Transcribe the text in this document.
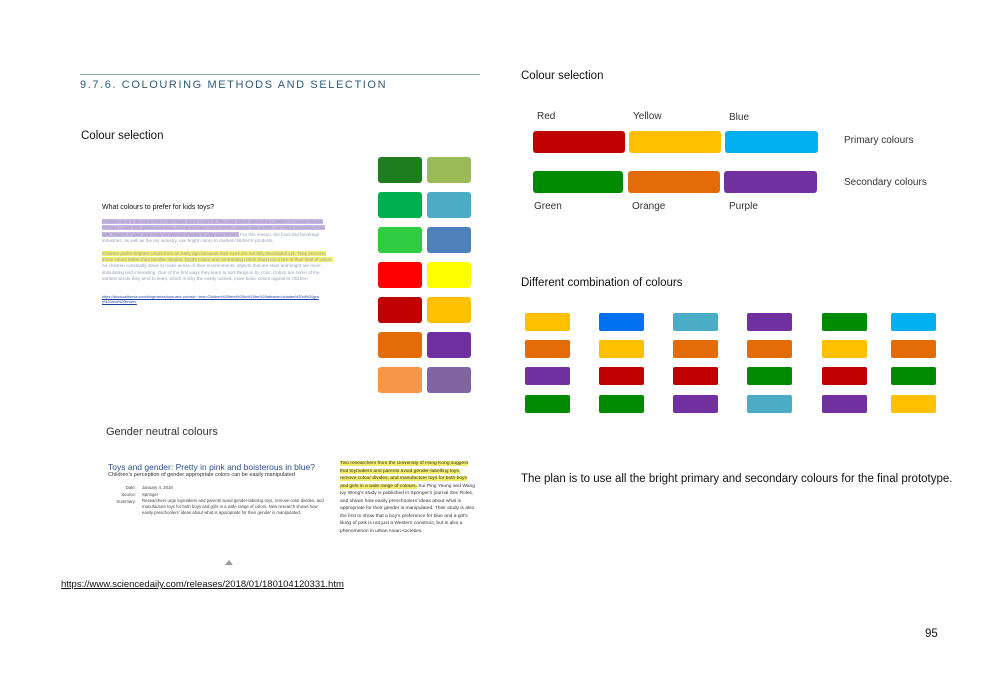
9.7.6. COLOURING METHODS AND SELECTION
Colour selection
What colours to prefer for kids toys?
Children tend to be attracted to the bright block colors of the color wheel rather than pastels or muted blends. Primary colors red, yellow and blue, and secondary colors green, orange and purple, are more appealing than light shades of pink and beige or neutral shades of grey and brown. For this reason, the food and beverage industries, as well as the toy industry, use bright colors to market children's products.
Children prefer brighter colors from an early age because their eyes are not fully developed yet. They perceive these colors better than familiar shades. Bright colors and contrasting colors stand out more in their field of vision. As children constantly strive to make sense of their environments, objects that are stark and bright are more stimulating and interesting. One of the first ways they learn to sort things is by color. Colors are some of the earliest words they tend to learn, which is why the easily named, more basic colors appeal to children.
https://stockcalifornia.com/blogs/news/toys-and-colors#:~:text=Children%20tend%20to%20be%20attracted,shades%20of%20gray%20and%20brown.
Gender neutral colours
Toys and gender: Pretty in pink and boisterous in blue?
Children's perception of gender appropriate colors can be easily manipulated
Date: January 4, 2018
Source: Springer
Summary: Researchers urge toymakers and parents avoid gender-labeling toys, remove color divides, and manufacture toys for both boys and girls in a wide range of colors. New research shows how easily preschoolers' ideas about what is appropriate for their gender is manipulated.
Two researchers from the University of Hong Kong suggest that toymakers and parents avoid gender-labelling toys, remove colour divides, and manufacture toys for both boys and girls in a wide range of colours. Sui Ping Yeung and Wang Ivy Wong's study is published in Springer's journal Sex Roles, and shows how easily preschoolers' ideas about what is appropriate for their gender is manipulated. Their study is also the first to show that a boy's preference for blue and a girl's liking of pink is not just a Western construct, but is also a phenomenon in urban Asian societies.
https://www.sciencedaily.com/releases/2018/01/180104120331.htm
Colour selection
Red	Yellow	Blue
Primary colours
Secondary colours
Green	Orange	Purple
Different combination of colours
The plan is to use all the bright primary and secondary colours for the final prototype.
95
